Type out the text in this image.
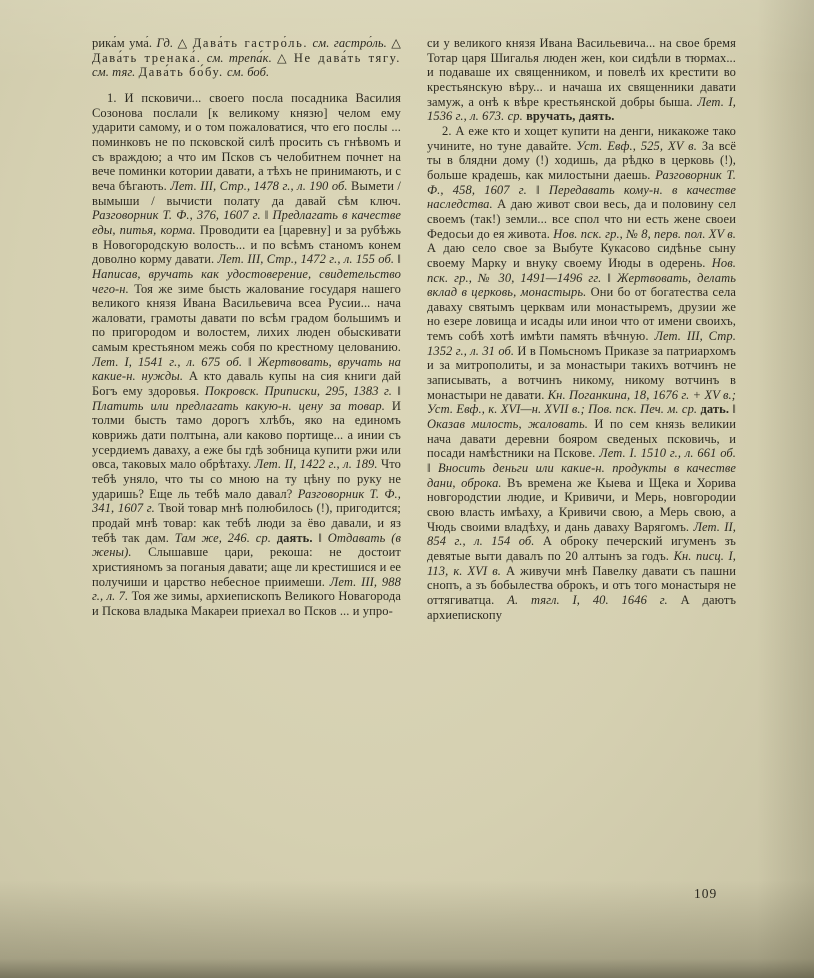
рика́м ума́. Гд. △ Дава́ть гастро́ль. см. гастро́ль. △ Дава́ть тренака́. см. трепа́к. △ Не дава́ть тягу. см. тяг. Дава́ть бо́бу. см. боб.

1. И псковичи... своего посла посадника Василия Созонова послали [к великому князю] челом ему ударити самому, и о том пожаловатися, что его послы ... поминковъ не по псковской силѣ просить съ гнѣвомъ и съ враждою; а что им Псков съ челобитнем почнет на вече поминки котории давати, а тѣхъ не принимають, и с веча бѣгають. Лет. III, Стр., 1478 г., л. 190 об. Вымети / вымыши / вычисти полату да давай сѣм ключ. Разговорник Т. Ф., 376, 1607 г. ‖ Предлагать в качестве еды, питья, корма. Проводити еа [царевну] и за рубѣжь в Новогородскую волость... и по всѣмъ станомъ конем доволно корму давати. Лет. III, Стр., 1472 г., л. 155 об. ‖ Написав, вручать как удостоверение, свидетельство чего-н. Тоя же зиме бысть жалование государя нашего великого князя Ивана Васильевича всеа Русии... нача жаловати, грамоты давати по всѣм градом большимъ и по пригородом и волостем, лихих люден обыскивати самым крестьяном межь собя по крестному целованию. Лет. I, 1541 г., л. 675 об. ‖ Жертвовать, вручать на какие-н. нужды. А кто даваль купы на сия книги дай Богъ ему здоровья. Покровск. Приписки, 295, 1383 г. ‖ Платить или предлагать какую-н. цену за товар. И толми бысть тамо дорогъ хлѣбъ, яко на единомъ коврижь дати полтына, али каково портище... а инии съ усердиемъ даваху, а еже бы гдѣ зобница купити ржи или овса, таковых мало обрѣтаху. Лет. II, 1422 г., л. 189. Что тебѣ уняло, что ты со мною на ту цѣну по руку не ударишь? Еще ль тебѣ мало давал? Разговорник Т. Ф., 341, 1607 г. Твой товар мнѣ полюбилось (!), пригодится; продай мнѣ товар: как тебѣ люди за ёво давали, и яз тебѣ так дам. Там же, 246. ср. даять. ‖ Отдавать (в жены). Слышавше цари, рекоша: не достоит християномъ за поганыя давати; аще ли крестишися и ее получиши и царство небесное приимеши. Лет. III, 988 г., л. 7. Тоя же зимы, архиепископъ Великого Новагорода и Пскова владыка Макареи приехал во Псков ... и упро-

си у великого князя Ивана Васильевича... на свое бремя Тотар царя Шигалья люден жен, кои сидѣли в тюрмах... и подаваше их священником, и повелѣ их крестити во крестьянскую вѣру... и начаша их священники давати замуж, а онѣ к вѣре крестьянской добры быша. Лет. I, 1536 г., л. 673. ср. вручать, даять.

2. А еже кто и хощет купити на денги, никакоже тако учините, но туне давайте. Уст. Евф., 525, XV в. За всё ты в блядни дому (!) ходишь, да рѣдко в церковь (!), больше крадешь, как милостыни даешь. Разговорник Т. Ф., 458, 1607 г. ‖ Передавать кому-н. в качестве наследства. А даю живот свои весь, да и половину сел своемъ (так!) земли... все спол что ни есть жене своеи Федосьи до ея живота. Нов. пск. гр., № 8, перв. пол. XV в. А даю село свое за Выбуте Кукасово сидѣнье сыну своему Марку и внуку своему Июды в одерень. Нов. пск. гр., № 30, 1491—1496 гг. ‖ Жертвовать, делать вклад в церковь, монастырь. Они бо от богатества села даваху святымъ церквам или монастыремъ, друзии же но езере ловища и исады или инои что от имени своихъ, темъ собѣ хотѣ имѣти память вѣчную. Лет. III, Стр. 1352 г., л. 31 об. И в Помьсномъ Приказе за патриархомъ и за митрополиты, и за монастыри такихъ вотчинъ не записывать, а вотчинъ никому, никому вотчинъ в монастыри не давати. Кн. Поганкина, 18, 1676 г. + XV в.; Уст. Евф., к. XVI—н. XVII в.; Пов. пск. Печ. м. ср. дать. ‖ Оказав милость, жаловать. И по сем князь великии нача давати деревни бояром сведеных псковичь, и посади намѣстники на Пскове. Лет. I. 1510 г., л. 661 об. ‖ Вносить деньги или какие-н. продукты в качестве дани, оброка. Въ времена же Кыева и Щека и Хорива новгородстии людие, и Кривичи, и Мерь, новгородии свою власть имѣаху, а Кривичи свою, а Мерь свою, а Чюдь своими владѣху, и дань даваху Варягомъ. Лет. II, 854 г., л. 154 об. А оброку печерский игуменъ зъ девятые выти давалъ по 20 алтынъ за годъ. Кн. писц. I, 113, к. XVI в. А живучи мнѣ Павелку давати съ пашни снопъ, а зъ бобылества оброкъ, и отъ того монастыря не оттягиватца. А. тягл. I, 40. 1646 г. А даютъ архиепископу

109
